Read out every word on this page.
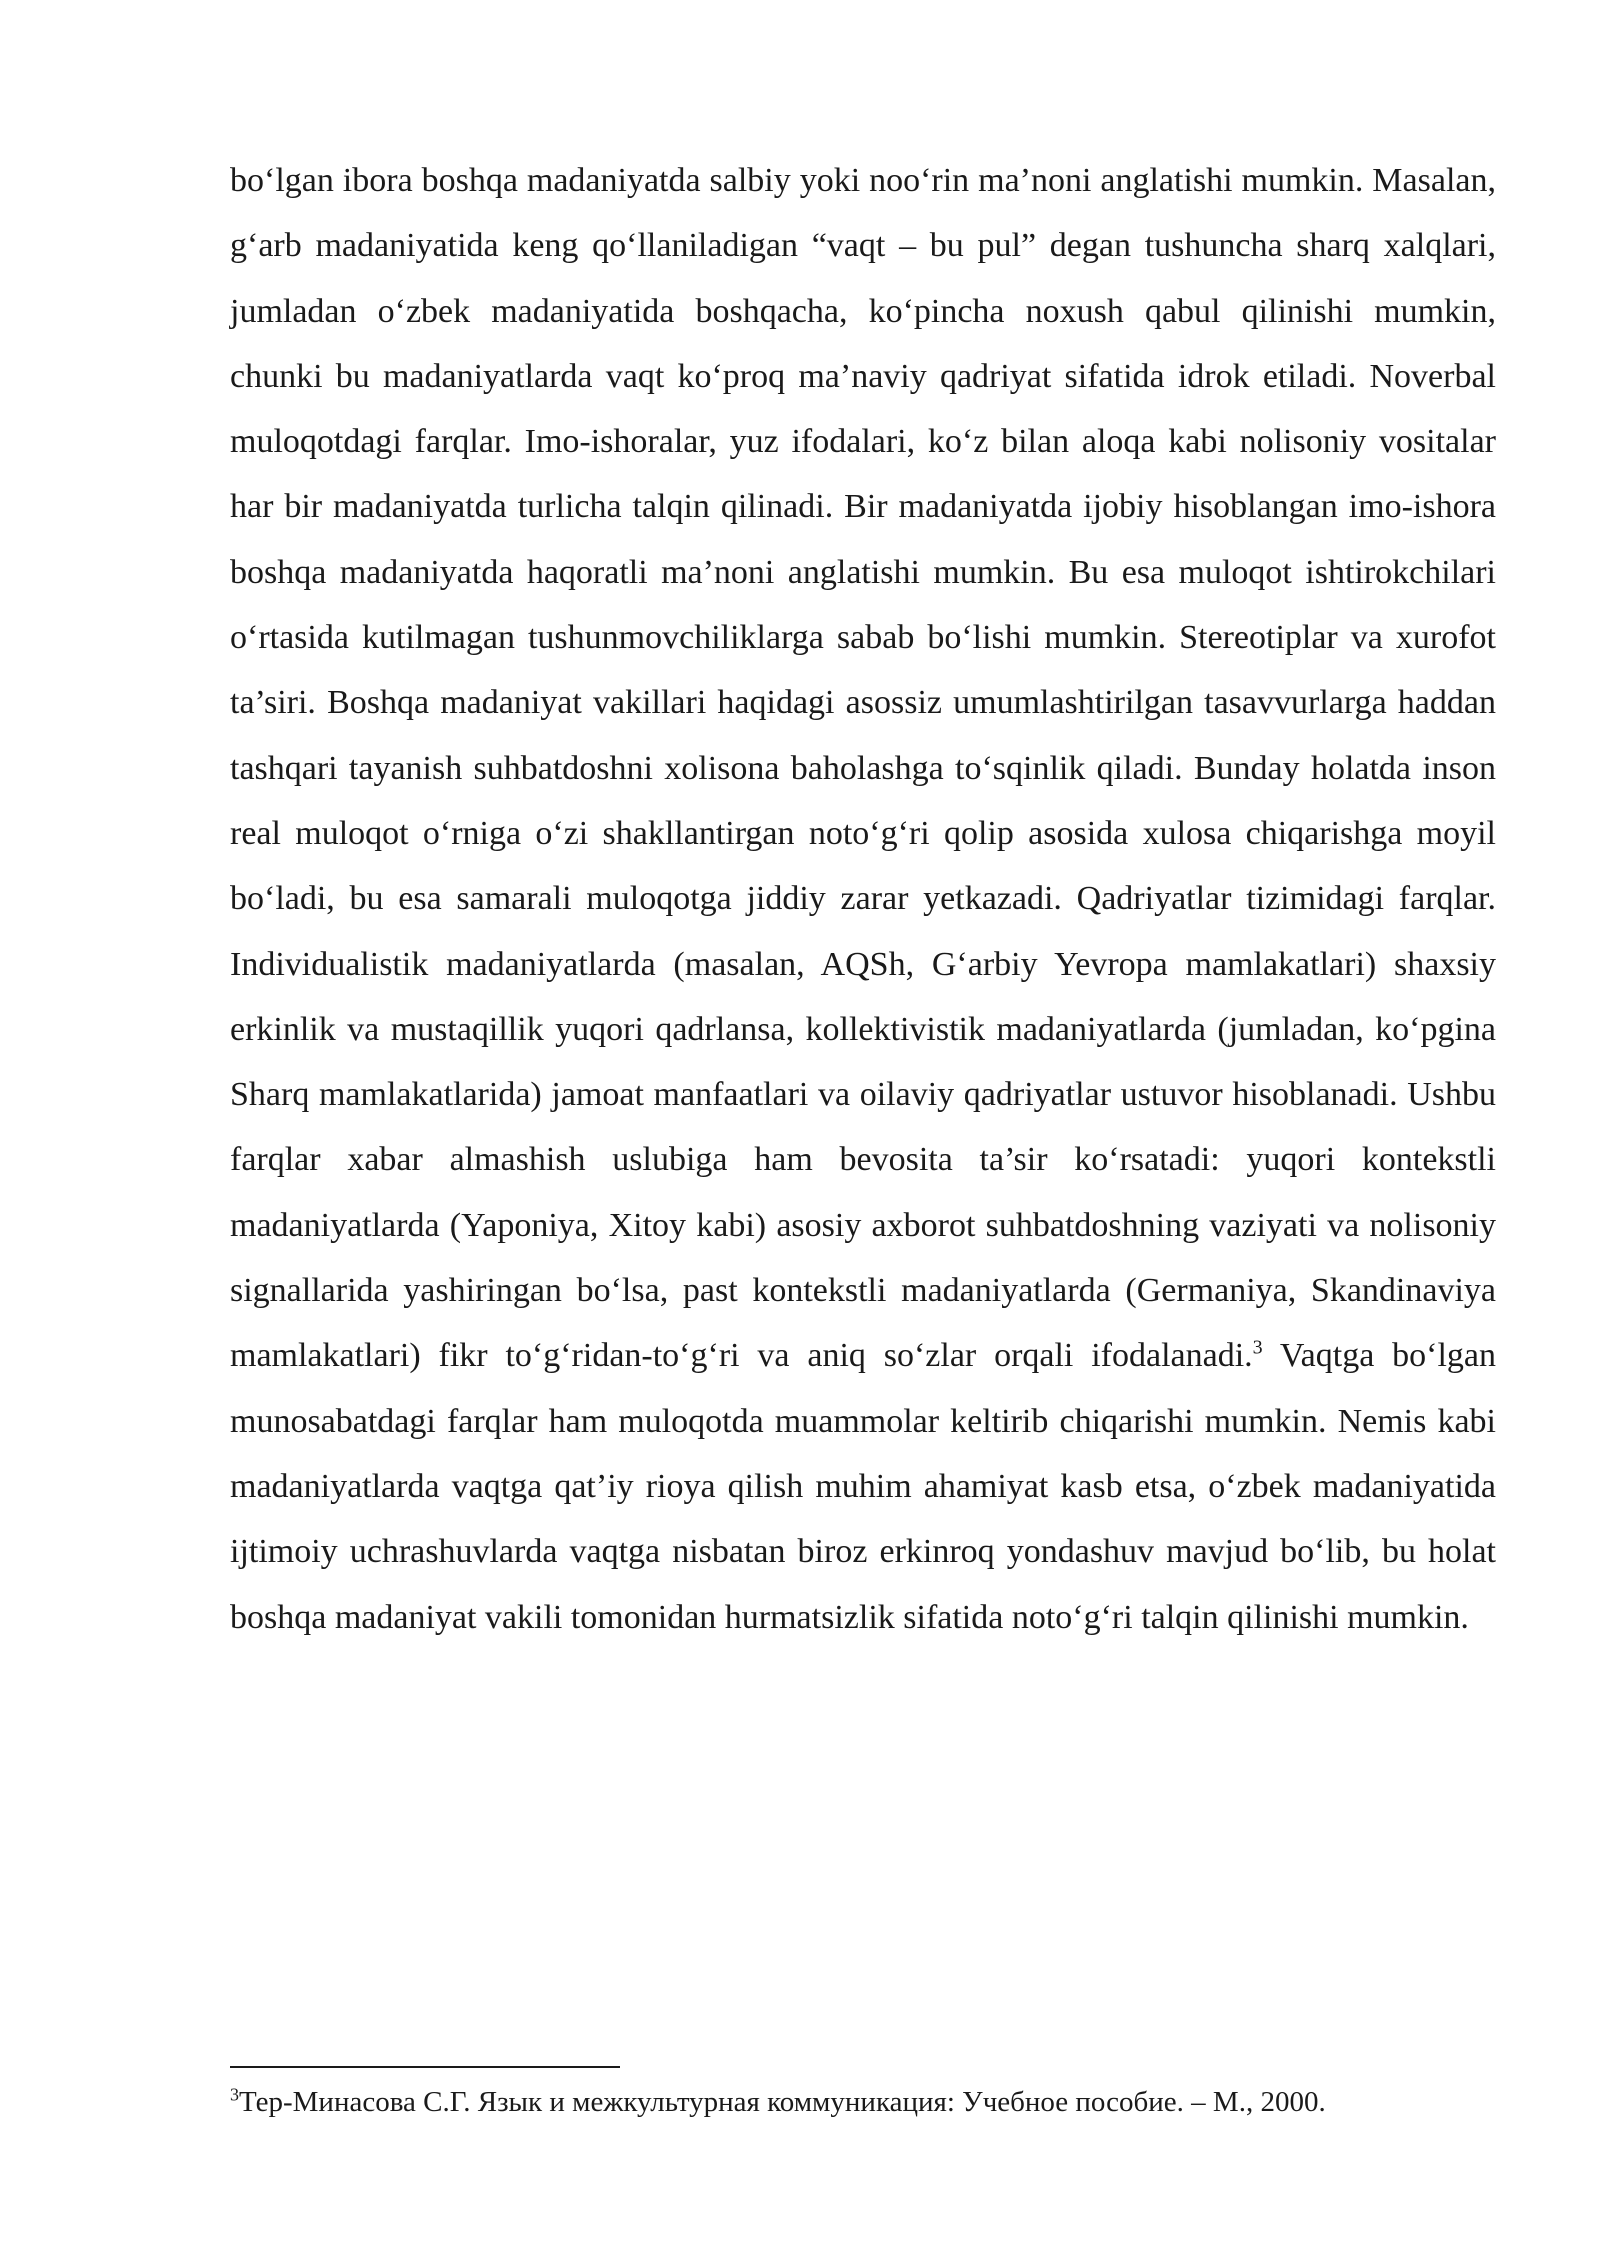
bo‘lgan ibora boshqa madaniyatda salbiy yoki noo‘rin ma’noni anglatishi mumkin. Masalan, g‘arb madaniyatida keng qo‘llaniladigan “vaqt – bu pul” degan tushuncha sharq xalqlari, jumladan o‘zbek madaniyatida boshqacha, ko‘pincha noxush qabul qilinishi mumkin, chunki bu madaniyatlarda vaqt ko‘proq ma’naviy qadriyat sifatida idrok etiladi. Noverbal muloqotdagi farqlar. Imo-ishoralar, yuz ifodalari, ko‘z bilan aloqa kabi nolisoniy vositalar har bir madaniyatda turlicha talqin qilinadi. Bir madaniyatda ijobiy hisoblangan imo-ishora boshqa madaniyatda haqoratli ma’noni anglatishi mumkin. Bu esa muloqot ishtirokchilari o‘rtasida kutilmagan tushunmovchiliklarga sabab bo‘lishi mumkin. Stereotiplar va xurofot ta’siri. Boshqa madaniyat vakillari haqidagi asossiz umumlashtirilgan tasavvurlarga haddan tashqari tayanish suhbatdoshni xolisona baholashga to‘sqinlik qiladi. Bunday holatda inson real muloqot o‘rniga o‘zi shakllantirgan noto‘g‘ri qolip asosida xulosa chiqarishga moyil bo‘ladi, bu esa samarali muloqotga jiddiy zarar yetkazadi. Qadriyatlar tizimidagi farqlar. Individualistik madaniyatlarda (masalan, AQSh, G‘arbiy Yevropa mamlakatlari) shaxsiy erkinlik va mustaqillik yuqori qadrlansa, kollektivistik madaniyatlarda (jumladan, ko‘pgina Sharq mamlakatlarida) jamoat manfaatlari va oilaviy qadriyatlar ustuvor hisoblanadi. Ushbu farqlar xabar almashish uslubiga ham bevosita ta’sir ko‘rsatadi: yuqori kontekstli madaniyatlarda (Yaponiya, Xitoy kabi) asosiy axborot suhbatdoshning vaziyati va nolisoniy signallarida yashiringan bo‘lsa, past kontekstli madaniyatlarda (Germaniya, Skandinaviya mamlakatlari) fikr to‘g‘ridan-to‘g‘ri va aniq so‘zlar orqali ifodalanadi.$^3$ Vaqtga bo‘lgan munosabatdagi farqlar ham muloqotda muammolar keltirib chiqarishi mumkin. Nemis kabi madaniyatlarda vaqtga qat’iy rioya qilish muhim ahamiyat kasb etsa, o‘zbek madaniyatida ijtimoiy uchrashuvlarda vaqtga nisbatan biroz erkinroq yondashuv mavjud bo‘lib, bu holat boshqa madaniyat vakili tomonidan hurmatsizlik sifatida noto‘g‘ri talqin qilinishi mumkin.

$^3$Тер-Минасова С.Г. Язык и межкультурная коммуникация: Учебное пособие. – М., 2000.
